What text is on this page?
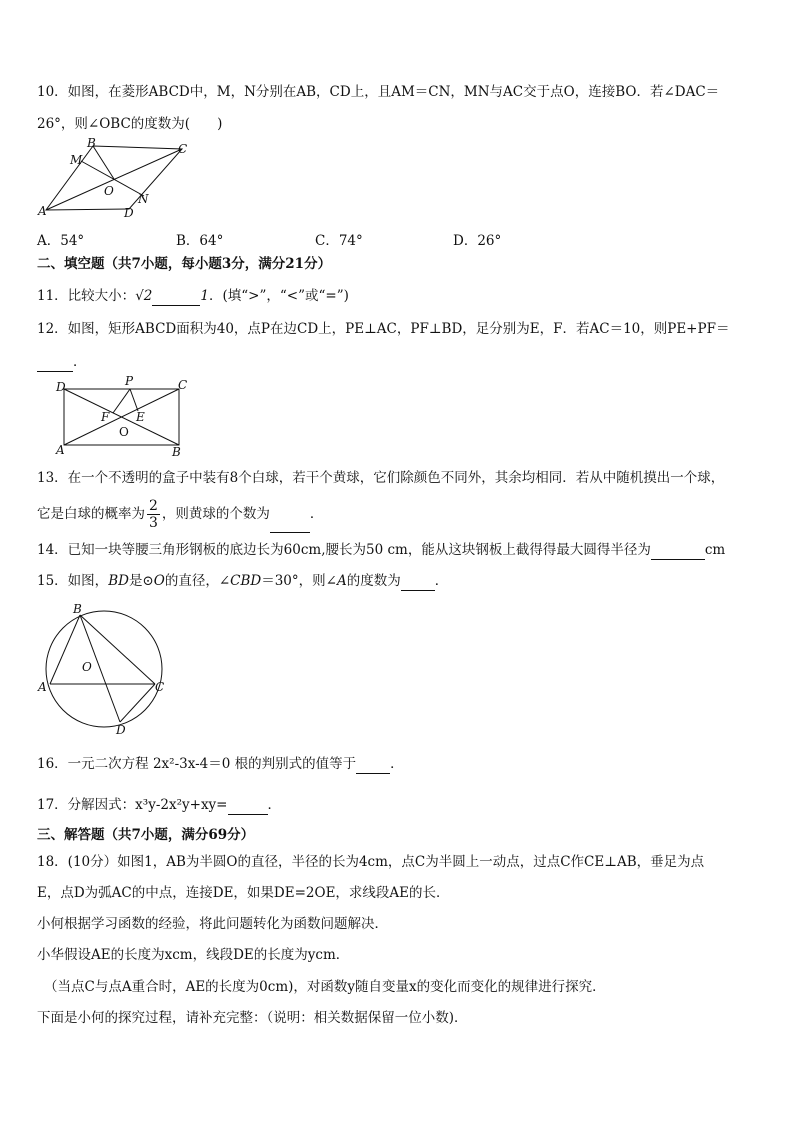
10．如图，在菱形ABCD中，M，N分别在AB，CD上，且AM＝CN，MN与AC交于点O，连接BO．若∠DAC＝
26°，则∠OBC的度数为(　　)
B	C
M
O
A	D
N
A．54°	B．64°	C．74°	D．26°
二、填空题（共7小题，每小题3分，满分21分）
11．比较大小：√2	1．(填“>”，“<”或“=”)
12．如图，矩形ABCD面积为40，点P在边CD上，PE⊥AC，PF⊥BD，足分别为E，F．若AC＝10，则PE+PF＝
．
D	P	C
F E
O
A	B
13．在一个不透明的盒子中装有8个白球，若干个黄球，它们除颜色不同外，其余均相同．若从中随机摸出一个球，
它是白球的概率为 $\frac{2}{3}$ ，则黄球的个数为	．
14．已知一块等腰三角形钢板的底边长为60cm,腰长为50 cm，能从这块钢板上截得得最大圆得半径为	cm
15．如图，BD是⊙O的直径，∠CBD＝30°，则∠A的度数为	．
B
O
A	C
D
16．一元二次方程 2x²-3x-4＝0 根的判别式的值等于	．
17．分解因式：x³y-2x²y+xy=	．
三、解答题（共7小题，满分69分）
18．(10分）如图1，AB为半圆O的直径，半径的长为4cm，点C为半圆上一动点，过点C作CE⊥AB，垂足为点
E，点D为弧AC的中点，连接DE，如果DE=2OE，求线段AE的长．
小何根据学习函数的经验，将此问题转化为函数问题解决．
小华假设AE的长度为xcm，线段DE的长度为ycm．
（当点C与点A重合时，AE的长度为0cm)，对函数y随自变量x的变化而变化的规律进行探究．
下面是小何的探究过程，请补充完整：（说明：相关数据保留一位小数)．
